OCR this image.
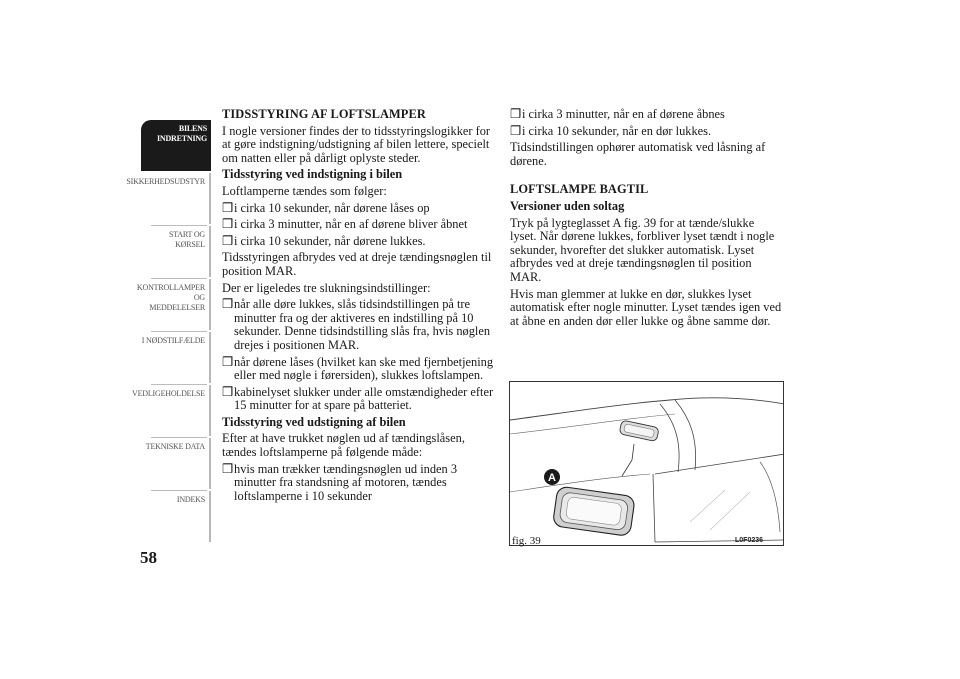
BILENS
INDRETNING
SIKKERHEDSUDSTYR
START OG KØRSEL
KONTROLLAMPER
OG MEDDELELSER
I NØDSTILFÆLDE
VEDLIGEHOLDELSE
TEKNISKE DATA
INDEKS
58
TIDSSTYRING AF LOFTSLAMPER
I nogle versioner findes der to tidsstyringslogikker for at gøre indstigning/udstigning af bilen lettere, specielt om natten eller på dårligt oplyste steder.
Tidsstyring ved indstigning i bilen
Loftlamperne tændes som følger:
❒ i cirka 10 sekunder, når dørene låses op
❒ i cirka 3 minutter, når en af dørene bliver åbnet
❒ i cirka 10 sekunder, når dørene lukkes.
Tidsstyringen afbrydes ved at dreje tændingsnøglen til position MAR.
Der er ligeledes tre slukningsindstillinger:
❒ når alle døre lukkes, slås tidsindstillingen på tre minutter fra og der aktiveres en indstilling på 10 sekunder. Denne tidsindstilling slås fra, hvis nøglen drejes i positionen MAR.
❒ når dørene låses (hvilket kan ske med fjernbetjening eller med nøgle i førersiden), slukkes loftslampen.
❒ kabinelyset slukker under alle omstændigheder efter 15 minutter for at spare på batteriet.
Tidsstyring ved udstigning af bilen
Efter at have trukket nøglen ud af tændingslåsen, tændes loftslamperne på følgende måde:
❒ hvis man trækker tændingsnøglen ud inden 3 minutter fra standsning af motoren, tændes loftslamperne i 10 sekunder
❒ i cirka 3 minutter, når en af dørene åbnes
❒ i cirka 10 sekunder, når en dør lukkes.
Tidsindstillingen ophører automatisk ved låsning af dørene.
LOFTSLAMPE BAGTIL
Versioner uden soltag
Tryk på lygteglasset A fig. 39 for at tænde/slukke lyset. Når dørene lukkes, forbliver lyset tændt i nogle sekunder, hvorefter det slukker automatisk. Lyset afbrydes ved at dreje tændingsnøglen til position MAR.
Hvis man glemmer at lukke en dør, slukkes lyset automatisk efter nogle minutter. Lyset tændes igen ved at åbne en anden dør eller lukke og åbne samme dør.
A
fig. 39	L0F0236
